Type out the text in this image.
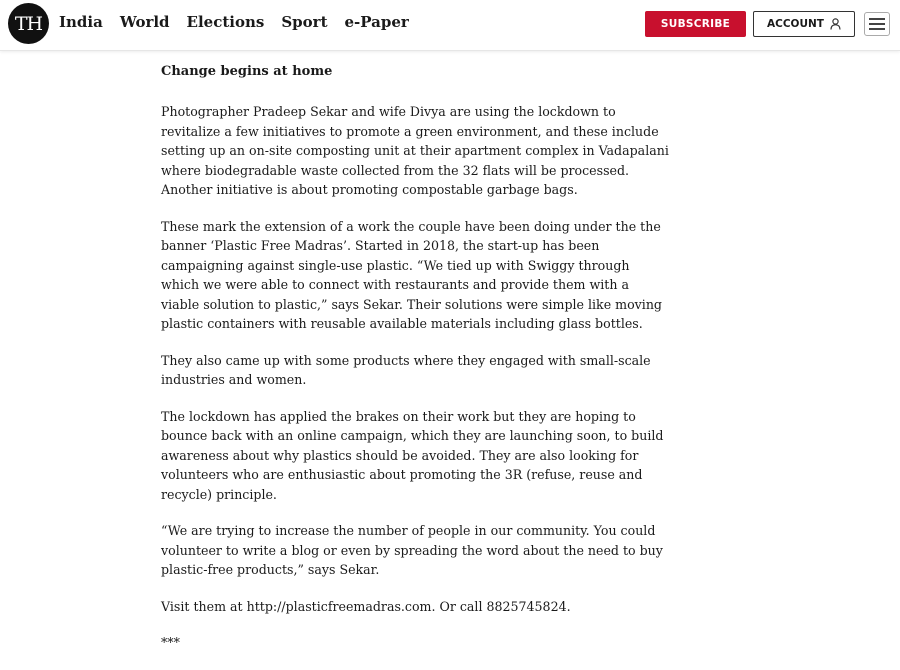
TH	India World Elections Sport e-Paper	SUBSCRIBE	ACCOUNT
Change begins at home

Photographer Pradeep Sekar and wife Divya are using the lockdown to revitalize a few initiatives to promote a green environment, and these include setting up an on-site composting unit at their apartment complex in Vadapalani where biodegradable waste collected from the 32 flats will be processed. Another initiative is about promoting compostable garbage bags.

These mark the extension of a work the couple have been doing under the the banner ‘Plastic Free Madras’. Started in 2018, the start-up has been campaigning against single-use plastic. “We tied up with Swiggy through which we were able to connect with restaurants and provide them with a viable solution to plastic,” says Sekar. Their solutions were simple like moving plastic containers with reusable available materials including glass bottles.

They also came up with some products where they engaged with small-scale industries and women.

The lockdown has applied the brakes on their work but they are hoping to bounce back with an online campaign, which they are launching soon, to build awareness about why plastics should be avoided. They are also looking for volunteers who are enthusiastic about promoting the 3R (refuse, reuse and recycle) principle.

“We are trying to increase the number of people in our community. You could volunteer to write a blog or even by spreading the word about the need to buy plastic-free products,” says Sekar.

Visit them at http://plasticfreemadras.com. Or call 8825745824.

***
